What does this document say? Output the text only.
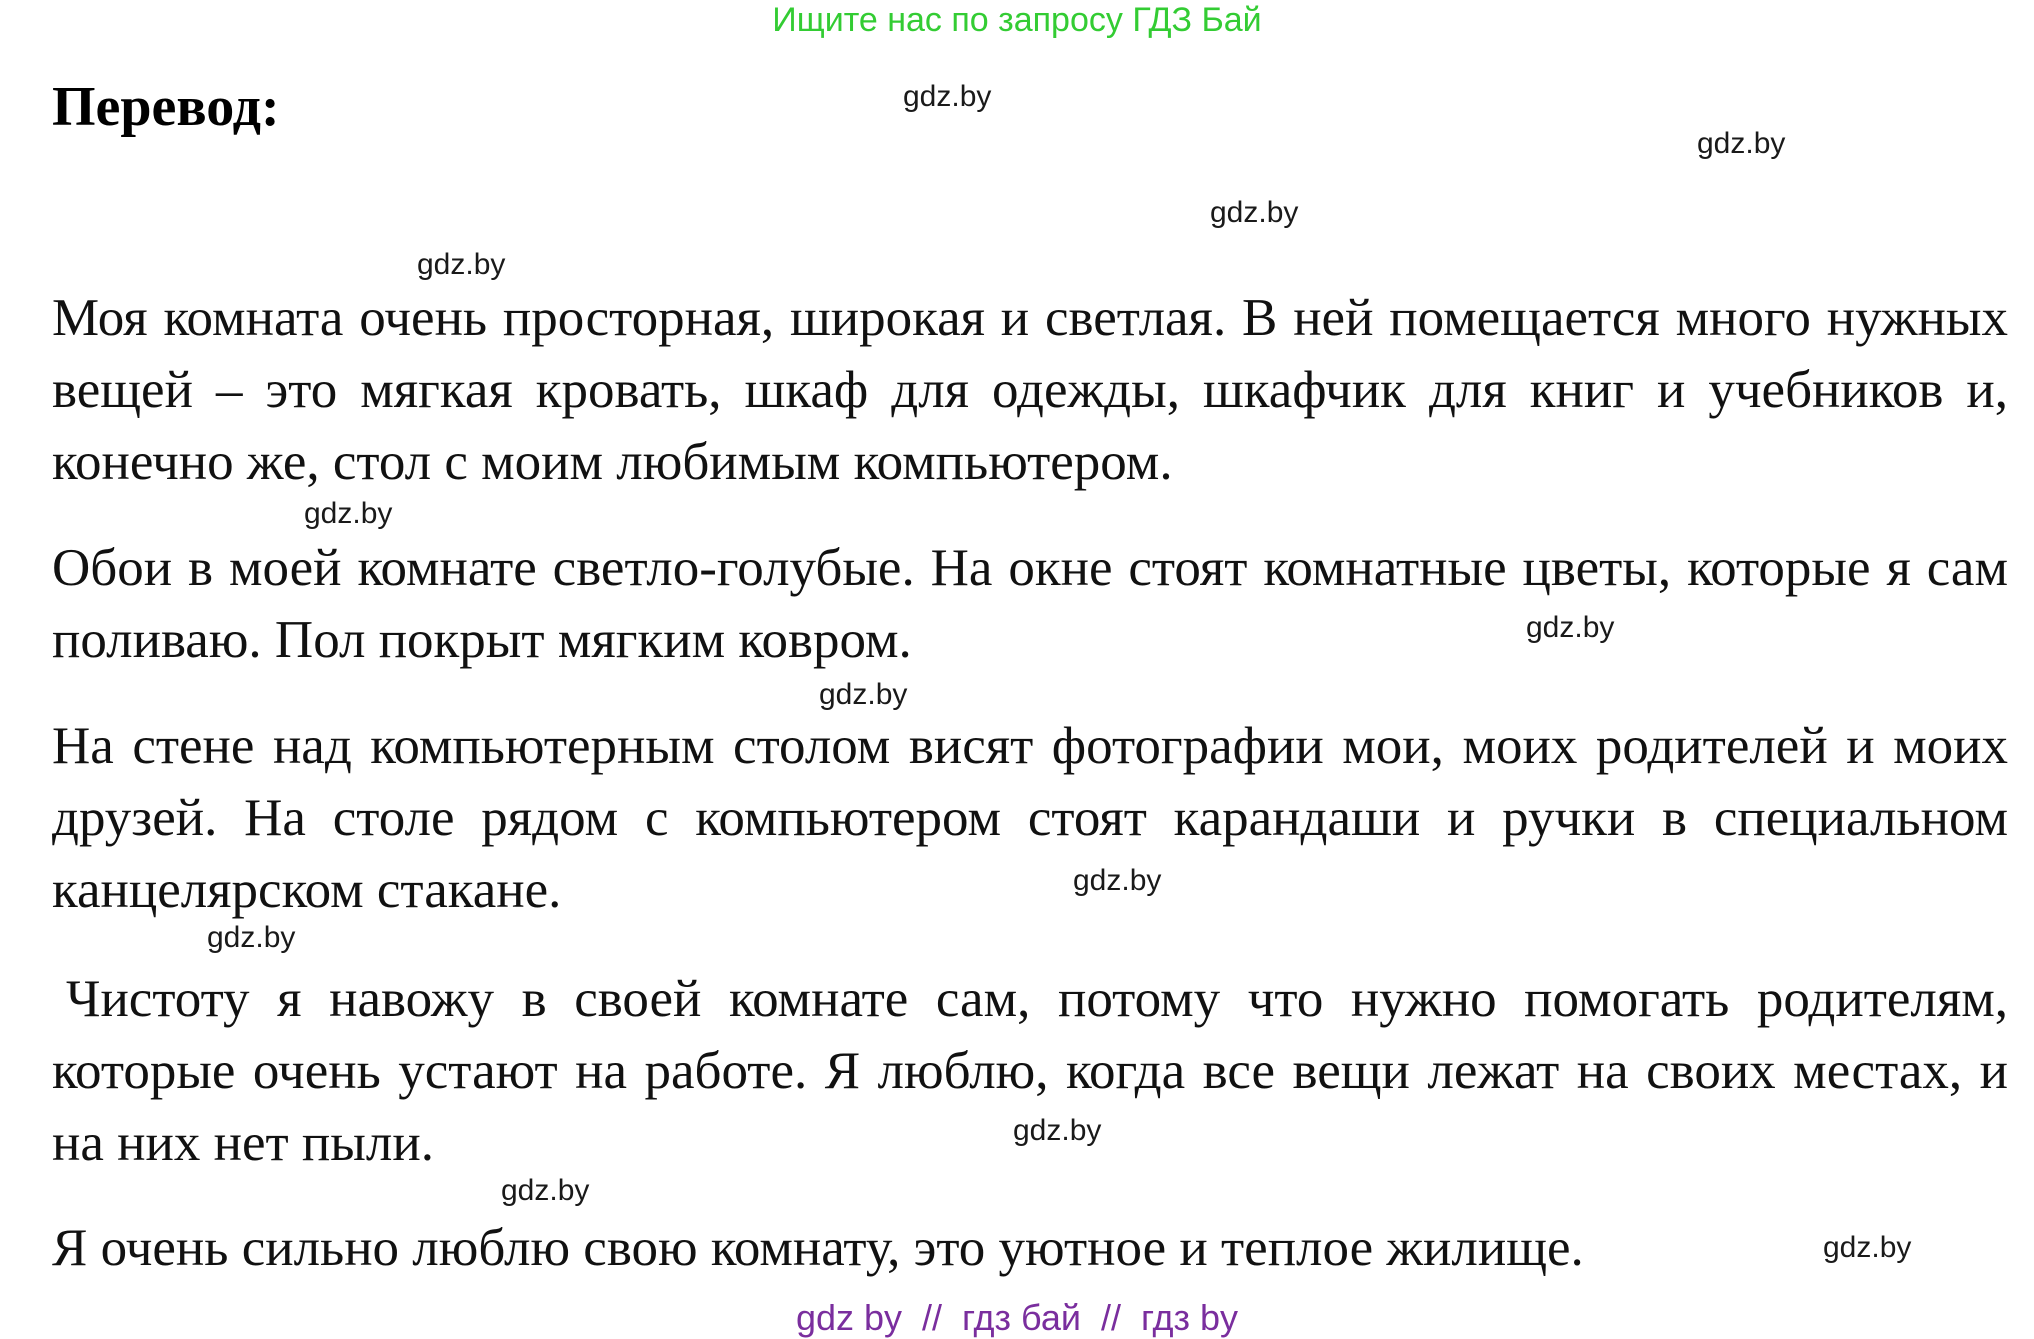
Ищите нас по запросу ГДЗ Бай
Перевод:

Моя комната очень просторная, широкая и светлая. В ней помещается много нужных вещей – это мягкая кровать, шкаф для одежды, шкафчик для книг и учебников и, конечно же, стол с моим любимым компьютером.

Обои в моей комнате светло-голубые. На окне стоят комнатные цветы, которые я сам поливаю. Пол покрыт мягким ковром.

На стене над компьютерным столом висят фотографии мои, моих родителей и моих друзей. На столе рядом с компьютером стоят карандаши и ручки в специальном канцелярском стакане.

Чистоту я навожу в своей комнате сам, потому что нужно помогать родителям, которые очень устают на работе. Я люблю, когда все вещи лежат на своих местах, и на них нет пыли.

Я очень сильно люблю свою комнату, это уютное и теплое жилище.

gdz.by
gdz.by
gdz.by
gdz.by
gdz.by
gdz.by
gdz.by
gdz.by
gdz.by
gdz.by
gdz.by
gdz.by
gdz by  //  гдз бай  //  гдз by
